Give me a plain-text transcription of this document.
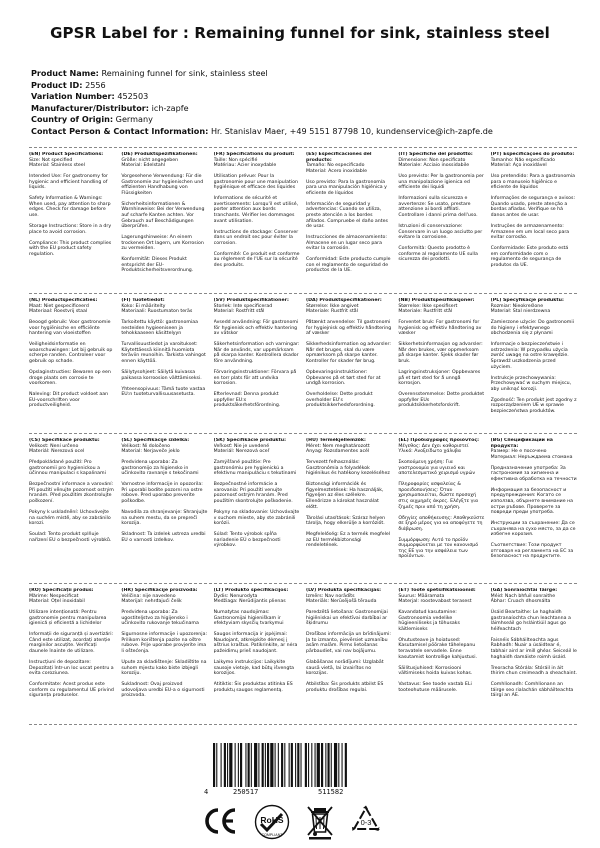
GPSR Label for : Remaining funnel for sink, stainless steel
Product Name: Remaining funnel for sink, stainless steel
Product ID: 2556
Variation Number: 452503
Manufacturer/Distributor: ich-zapfe
Country of Origin: Germany
Contact Person & Contact Information: Hr. Stanislav Maer, +49 5151 87798 10, kundenservice@ich-zapfe.de
(EN) Product Specifications:
Size: Not specified
Material: Stainless steel

Intended Use: For gastronomy for hygienic and efficient handling of liquids.

Safety Information & Warnings: When used, pay attention to sharp edges. Check for damage before use.

Storage Instructions: Store in a dry place to avoid corrosion.

Compliance: This product complies with the EU product safety regulation.
(DE) Produktspezifikationen:
Größe: nicht angegeben
Material: Edelstahl

Vorgesehene Verwendung: Für die Gastronomie zur hygienischen und effizienten Handhabung von Flüssigkeiten

Sicherheitsinformationen & Warnhinweise: Bei der Verwendung auf scharfe Kanten achten. Vor Gebrauch auf Beschädigungen überprüfen.

Lagerungshinweise: An einem trockenen Ort lagern, um Korrosion zu vermeiden.

Konformität: Dieses Produkt entspricht der EU-Produktsicherheitsverordnung.
(FR) Spécifications du produit:
Taille: Non spécifié
Matériau: Acier inoxydable

Utilisation prévue: Pour la gastronomie pour une manipulation hygiénique et efficace des liquides

Informations de sécurité et avertissements: Lorsqu'il est utilisé, porter attention aux bords tranchants. Vérifier les dommages avant utilisation.

Instructions de stockage: Conserver dans un endroit sec pour éviter la corrosion.

Conformité: Ce produit est conforme au règlement de l'UE sur la sécurité des produits.
(ES) Especificaciones del producto:
Tamaño: No especificado
Material: Acero inoxidable

Uso previsto: Para la gastronomía para una manipulación higiénica y eficiente de líquidos

Información de seguridad y advertencias: Cuando se utiliza, preste atención a los bordes afilados. Compruebe el daño antes de usar.

Instrucciones de almacenamiento: Almacene en un lugar seco para evitar la corrosión.

Conformidad: Este producto cumple con el reglamento de seguridad de productos de la UE.
(IT) Specifiche del prodotto:
Dimensione: Non specificato
Materiale: Acciaio inossidabile

Uso previsto: Per la gastronomia per una manipolazione igienica ed efficiente dei liquidi

Informazioni sulla sicurezza e avvertenze: Se usato, prestare attenzione ai bordi affilati. Controllare i danni prima dell'uso.

Istruzioni di conservazione: Conservare in un luogo asciutto per evitare la corrosione.

Conformità: Questo prodotto è conforme al regolamento UE sulla sicurezza dei prodotti.
(PT) Especificações do produto:
Tamanho: Não especificado
Material: Aço inoxidável

Uso pretendido: Para a gastronomia para o manuseio higiênico e eficiente de líquidos

Informações de segurança e avisos: Quando usado, preste atenção a bordas afiadas. Verifique se há danos antes de usar.

Instruções de armazenamento: Armazene em um local seco para evitar corrosão.

Conformidade: Este produto está em conformidade com o regulamento de segurança de produtos da UE.
(NL) Productspecificaties:
Maat: Niet gespecificeerd
Materiaal: Roestvrij staal

Beoogd gebruik: Voor gastronomie voor hygiënische en efficiënte hantering van vloeistoffen

Veiligheidsinformatie en waarschuwingen: Let bij gebruik op scherpe randen. Controleer voor gebruik op schade.

Opslaginstructies: Bewaren op een droge plaats om corrosie te voorkomen.

Naleving: Dit product voldoet aan EU-voorschriften voor productveiligheid.
(FI) Tuotetiedot:
Koko: Ei määritelty
Materiaali: Ruostumaton teräs

Tarkoitettu käyttö: gastronomiaa nesteiden hygieeniseen ja tehokkaaseen käsittelyyn

Turvallisuustiedot ja varoitukset: Käytettäessä kiinnitä huomiota teräviin reunoihin. Tarkista vahingot ennen käyttöä.

Säilytysohjeet: Säilytä kuivassa paikassa korroosion välttämiseksi.

Yhteensopivuus: Tämä tuote vastaa EU:n tuoteturvallisuusasetusta.
(SV) Produktspecifikationer:
Storlek: Inte specificerad
Material: Rostfritt stål

Avsedd användning: För gastronomi för hygienisk och effektiv hantering av vätskor

Säkerhetsinformation och varningar: När de används, var uppmärksam på skarpa kanter. Kontrollera skador före användning.

Förvaringsinstruktioner: Förvara på en torr plats för att undvika korrosion.

Efterlevnad: Denna produkt uppfyller EU:s produktsäkerhetsförordning.
(DA) Produktspecifikationer:
Størrelse: Ikke angivet
Materiale: Rustfrit stål

Påtænkt anvendelse: Til gastronomi for hygiejnisk og effektiv håndtering af væsker

Sikkerhedsinformation og advarsler: Når det bruges, skal du være opmærksom på skarpe kanter. Kontroller for skader før brug.

Opbevaringsinstruktioner: Opbevares på et tørt sted for at undgå korrosion.

Overholdelse: Dette produkt overholder EU's produktsikkerhedsforordning.
(NB) Produktspesifikasjoner:
Størrelse: Ikke spesifisert
Materiale: Rustfritt stål

Forventet bruk: For gastronomi for hygienisk og effektiv håndtering av væsker

Sikkerhetsinformasjon og advarsler: Når den brukes, vær oppmerksom på skarpe kanter. Sjekk skader før bruk.

Lagringsinstruksjoner: Oppbevares på et tørt sted for å unngå korrosjon.

Overensstemmelse: Dette produktet oppfyller EUs produktsikkerhetsforskrift.
(PL) Specyfikacje produktu:
Rozmiar: Nieokreślone
Materiał: Stal nierdzewna

Zamierzone użycie: Do gastronomii do higieny i efektywnego obchodzenia się z płynami

Informacje o bezpieczeństwie i ostrzeżenia: W przypadku użycia zwróć uwagę na ostre krawędzie. Sprawdź uszkodzenia przed użyciem.

Instrukcje przechowywania: Przechowywać w suchym miejscu, aby uniknąć korozji.

Zgodność: Ten produkt jest zgodny z rozporządzeniem UE w sprawie bezpieczeństwa produktów.
(CS) Specifikace produktu:
Velikost: Není určeno
Materiál: Nerezová ocel

Předpokládané použití: Pro gastronomii pro hygienickou a účinnou manipulaci s kapalinami

Bezpečnostní informace a varování: Při použití věnujte pozornost ostrým hranám. Před použitím zkontrolujte poškození.

Pokyny k uskladnění: Uchovávejte na suchém místě, aby se zabránilo korozi.

Soulad: Tento produkt splňuje nařízení EU o bezpečnosti výrobků.
(SL) Specifikacije izdelka:
Velikost: Ni določeno
Material: Nerjaveče jeklo

Predvidena uporaba: Za gastronomijo za higiensko in učinkovito ravnanje s tekočinami

Varnostne informacije in opozorila: Pri uporabi bodite pozorni na ostre robove. Pred uporabo preverite poškodbe.

Navodila za shranjevanje: Shranjujte na suhem mestu, da se preprečí korozija.

Skladnost: Ta izdelek ustreza uredbi EU o varnosti izdelkov.
(SK) Špecifikácie produktu:
Veľkosť: Nie je uvedené
Materiál: Nerezová oceľ

Zamýšľané použitie: Pre gastronómiu pre hygienickú a efektívnu manipuláciu s tekutinami

Bezpečnostné informácie a varovania: Pri použití venujte pozornosť ostrým hranám. Pred použitím skontrolujte poškodenie.

Pokyny na skladovanie: Uchovávajte v suchom mieste, aby ste zabránili korózii.

Súlad: Tento výrobok spĺňa nariadenie EÚ o bezpečnosti výrobkov.
(HU) Termékjellemzők:
Méret: Nem meghatározott
Anyag: Rozsdamentes acél

Tervezett felhasználás: Gasztronómia a folyadékok higiénikus és hatékony kezeléséhez

Biztonsági információk és figyelmeztetések: Ha használják, figyeljen az éles szélekre. Ellenőrizze a károkat használat előtt.

Tárolási utasítások: Száraz helyen tárolja, hogy elkerülje a korróziót.

Megfelelőség: Ez a termék megfelel az EU termékbiztonsági rendeletének.
(EL) Προδιαγραφές προϊόντος:
Μέγεθος: Δεν έχει καθοριστεί
Υλικό: Ανοξείδωτο χάλυβα

Σκοπούμενη χρήση: Για γαστρονομία για υγιεινό και αποτελεσματικό χειρισμό υγρών

Πληροφορίες ασφαλείας & προειδοποιήσεις: Όταν χρησιμοποιείται, δώστε προσοχή στις αιχμηρές άκρες. Ελέγξτε για ζημιές πριν από τη χρήση.

Οδηγίες αποθήκευσης: Αποθηκεύστε σε ξηρό μέρος για να αποφύγετε τη διάβρωση.

Συμμόρφωση: Αυτό το προϊόν συμμορφώνεται με τον κανονισμό της ΕΕ για την ασφάλεια των προϊόντων.
(BG) Спецификации на продукта:
Размер: Не е посочено
Материал: Неръждаема стомана

Предназначение употреба: За гастрономия за хигиенна и ефективна обработка на течности

Информация за безопасност и предупреждения: Когато се използва, обърнете внимание на остри ръбове. Проверете за повреди преди употреба.

Инструкции за съхранение: Да се съхранява на сухо място, за да се избегне корозия.

Съответствие: Този продукт отговаря на регламента на ЕС за безопасност на продуктите.
(RO) Specificații produs:
Mărime: Nespecificat
Material: Oțel inoxidabil

Utilizare intenționată: Pentru gastronomie pentru manipularea igienică și eficientă a lichidelor

Informații de siguranță și avertizări: Când este utilizat, acordați atenție marginilor ascuțite. Verificați daunele înainte de utilizare.

Instrucțiuni de depozitare: Depozitați într-un loc uscat pentru a evita coroziunea.

Conformitate: Acest produs este conform cu regulamentul UE privind siguranța produselor.
(HR) Specifikacije proizvoda:
Veličina: nije navedeno
Materijal: nehrđajući čelik

Predviđena uporaba: Za ugostiteljstvo za higijensko i učinkovito rukovanje tekućinama

Sigurnosne informacije i upozorenja: Prilikom korištenja pazite na oštre rubove. Prije uporabe provjerite ima li oštećenja.

Upute za skladištenje: Skladištite na suhom mjestu kako biste izbjegli koroziju.

Sukladnost: Ovaj proizvod udovoljava uredbi EU-a o sigurnosti proizvoda.
(LT) Produkto specifikacijos:
Dydis: Nenurodyta
Medžiaga: Nerūdijantis plienas

Numatytas naudojimas: Gastronomijai higieniškam ir efektyviam skysčių tvarkymui

Saugos informacija ir įspėjimai: Naudojant, atkreipkite dėmesį į aštrius kraštus. Patikrinkite, ar nėra pažeidimų prieš naudojant.

Laikymo instrukcijos: Laikykite sausoje vietoje, kad būtų išvengta korozijos.

Atitiktis: Šis produktas atitinka ES produktų saugos reglamentą.
(LV) Produkta specifikācijas:
Izmērs: Nav norādīts
Materiāls: Nerūsējošā tērauda

Paredzētā lietošana: Gastronomijai higiēniskai un efektīvai darbībai ar šķidrumu

Drošības informācija un brīdinājumi: Ja to izmanto, pievērsiet uzmanību asām malām. Pirms lietošanas pārbaudiet, vai nav bojājumu.

Glabāšanas norādījumi: Uzglabāt sausā vietā, lai izvairītos no korozijas.

Atbilstība: Šis produkts atbilst ES produktu drošības regulai.
(ET) Toote spetsifikatsioonid:
Suurus: Määramata
Materjal: roostevabast terasest

Kavandatud kasutamine: Gastronoomia vedelike hügieeniliseks ja tõhusaks käitlemiseks

Ohutusteave ja hoiatused: Kasutamisel pöörake tähelepanu teravatele servadele. Enne kasutamist kontrollige kahjustusi.

Säilitusjuhised: Korrosiooni vältimiseks hoida kuivas kohas.

Vastavus: See toode vastab ELi tooteohutuse määrusele.
(GA) Sonraíochtaí Táirge:
Méid: Nach bhfuil sonraithe
Ábhar: Cruach dhosmálta

Úsáid Beartaithe: Le haghaidh gastranaíochta chun leachtanna a láimhseáil go hsláintiúil agus go héifeachtach

Faisnéis Sábháilteachta agus Rabhadh: Nuair a úsáidtear é, tabhair aird ar imill ghéar. Seiceáil le haghaidh damáiste roimh úsáid.

Treoracha Stórála: Stóráil in áit thirim chun creimeadh a sheachaint.

Comhlíonadh: Comhlíonann an táirge seo rialachán sábháilteachta táirgí an AE.
4	250517	511582
RoHS
COMPLIANT
0-3
